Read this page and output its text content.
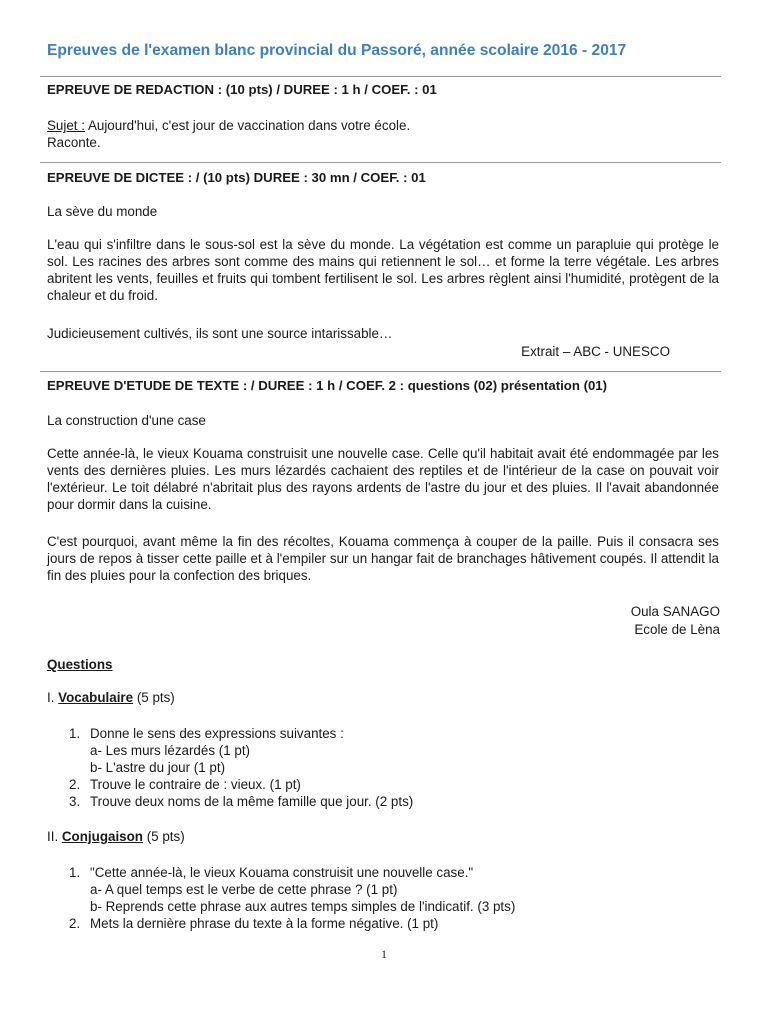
Epreuves de l'examen blanc provincial du Passoré, année scolaire 2016 - 2017
EPREUVE DE REDACTION : (10 pts) / DUREE : 1 h / COEF. : 01
Sujet : Aujourd'hui, c'est jour de vaccination dans votre école.
Raconte.
EPREUVE DE DICTEE : / (10 pts) DUREE : 30 mn / COEF. : 01
La sève du monde
L'eau qui s'infiltre dans le sous-sol est la sève du monde. La végétation est comme un parapluie qui protège le sol. Les racines des arbres sont comme des mains qui retiennent le sol… et forme la terre végétale. Les arbres abritent les vents, feuilles et fruits qui tombent fertilisent le sol. Les arbres règlent ainsi l'humidité, protègent de la chaleur et du froid.
Judicieusement cultivés, ils sont une source intarissable…
Extrait – ABC - UNESCO
EPREUVE D'ETUDE DE TEXTE : / DUREE : 1 h / COEF. 2 : questions (02) présentation (01)
La construction d'une case
Cette année-là, le vieux Kouama construisit une nouvelle case. Celle qu'il habitait avait été endommagée par les vents des dernières pluies. Les murs lézardés cachaient des reptiles et de l'intérieur de la case on pouvait voir l'extérieur. Le toit délabré n'abritait plus des rayons ardents de l'astre du jour et des pluies. Il l'avait abandonnée pour dormir dans la cuisine.
C'est pourquoi, avant même la fin des récoltes, Kouama commença à couper de la paille. Puis il consacra ses jours de repos à tisser cette paille et à l'empiler sur un hangar fait de branchages hâtivement coupés. Il attendit la fin des pluies pour la confection des briques.
Oula SANAGO
Ecole de Lèna
Questions
I. Vocabulaire (5 pts)
1. Donne le sens des expressions suivantes :
a- Les murs lézardés (1 pt)
b- L'astre du jour (1 pt)
2. Trouve le contraire de : vieux. (1 pt)
3. Trouve deux noms de la même famille que jour. (2 pts)
II. Conjugaison (5 pts)
1. "Cette année-là, le vieux Kouama construisit une nouvelle case."
a- A quel temps est le verbe de cette phrase ? (1 pt)
b- Reprends cette phrase aux autres temps simples de l'indicatif. (3 pts)
2. Mets la dernière phrase du texte à la forme négative. (1 pt)
1
